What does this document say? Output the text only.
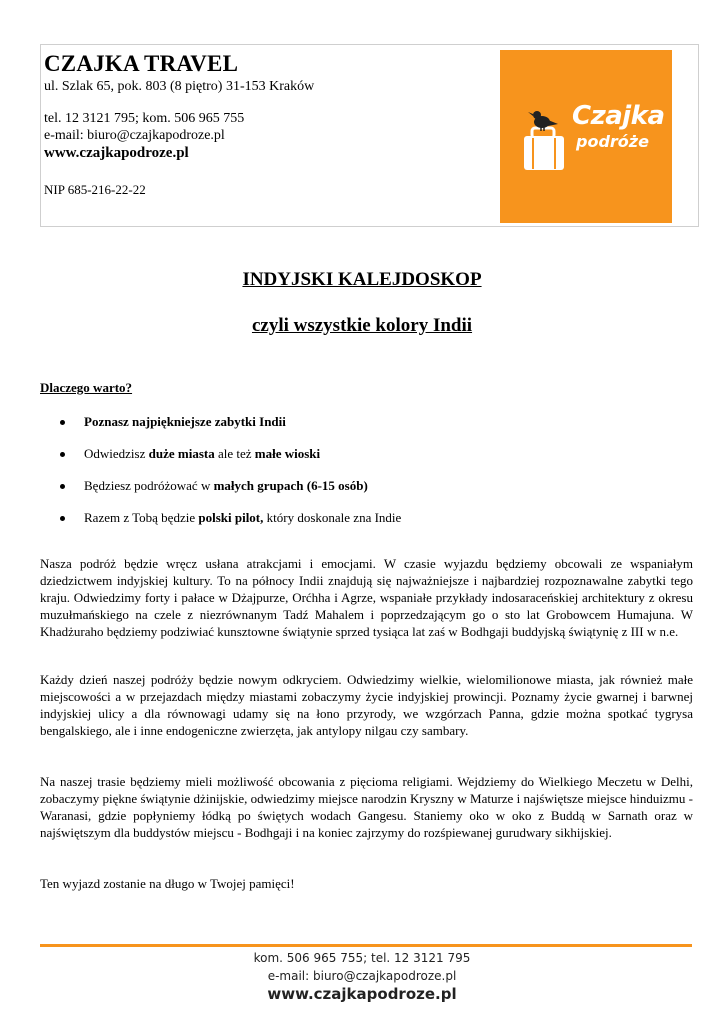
CZAJKA TRAVEL
ul. Szlak 65, pok. 803 (8 piętro) 31-153 Kraków
tel. 12 3121 795; kom. 506 965 755
e-mail: biuro@czajkapodroze.pl
www.czajkapodroze.pl
NIP 685-216-22-22
Czajka
podróże
INDYJSKI KALEJDOSKOP
czyli wszystkie kolory Indii
Dlaczego warto?
Poznasz najpiękniejsze zabytki Indii
Odwiedzisz duże miasta ale też małe wioski
Będziesz podróżować w małych grupach (6-15 osób)
Razem z Tobą będzie polski pilot, który doskonale zna Indie

Nasza podróż będzie wręcz usłana atrakcjami i emocjami. W czasie wyjazdu będziemy obcowali ze wspaniałym dziedzictwem indyjskiej kultury. To na północy Indii znajdują się najważniejsze i najbardziej rozpoznawalne zabytki tego kraju. Odwiedzimy forty i pałace w Dżajpurze, Orćhha i Agrze, wspaniałe przykłady indosaraceńskiej architektury z okresu muzułmańskiego na czele z niezrównanym Tadź Mahalem i poprzedzającym go o sto lat Grobowcem Humajuna. W Khadżuraho będziemy podziwiać kunsztowne świątynie sprzed tysiąca lat zaś w Bodhgaji buddyjską świątynię z III w n.e.

Każdy dzień naszej podróży będzie nowym odkryciem. Odwiedzimy wielkie, wielomilionowe miasta, jak również małe miejscowości a w przejazdach między miastami zobaczymy życie indyjskiej prowincji. Poznamy życie gwarnej i barwnej indyjskiej ulicy a dla równowagi udamy się na łono przyrody, we wzgórzach Panna, gdzie można spotkać tygrysa bengalskiego, ale i inne endogeniczne zwierzęta, jak antylopy nilgau czy sambary.

Na naszej trasie będziemy mieli możliwość obcowania z pięcioma religiami. Wejdziemy do Wielkiego Meczetu w Delhi, zobaczymy piękne świątynie dżinijskie, odwiedzimy miejsce narodzin Kryszny w Maturze i najświętsze miejsce hinduizmu - Waranasi, gdzie popłyniemy łódką po świętych wodach Gangesu. Staniemy oko w oko z Buddą w Sarnath oraz w najświętszym dla buddystów miejscu - Bodhgaji i na koniec zajrzymy do rozśpiewanej gurudwary sikhijskiej.

Ten wyjazd zostanie na długo w Twojej pamięci!

kom. 506 965 755; tel. 12 3121 795
e-mail: biuro@czajkapodroze.pl
www.czajkapodroze.pl
